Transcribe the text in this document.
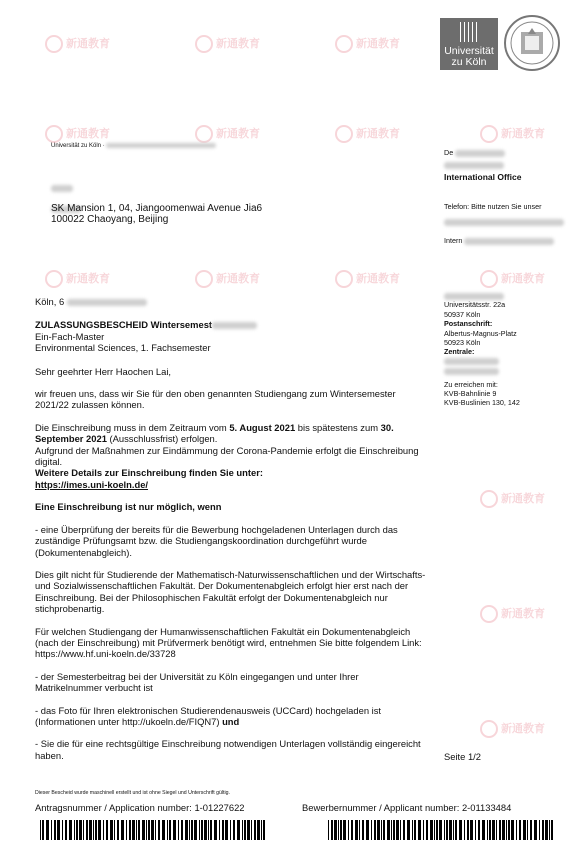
新通教育	新通教育	新通教育
新通教育	新通教育	新通教育	新通教育
新通教育	新通教育	新通教育	新通教育
新通教育
新通教育
新通教育
Universität
zu Köln
Universität zu Köln ·

SK Mansion 1, 04, Jiangoomenwai Avenue Jia6
100022 Chaoyang, Beijing
De
International Office
Telefon: Bitte nutzen Sie unser
Intern
Universitätsstr. 22a
50937 Köln
Postanschrift:
Albertus-Magnus-Platz
50923 Köln
Zentrale:
Zu erreichen mit:
KVB-Bahnlinie 9
KVB-Buslinien 130, 142
Seite 1/2

Köln, 6

ZULASSUNGSBESCHEID Wintersemest

Ein-Fach-Master

Environmental Sciences, 1. Fachsemester

Sehr geehrter Herr Haochen Lai,

wir freuen uns, dass wir Sie für den oben genannten Studiengang zum Wintersemester 2021/22 zulassen können.

Die Einschreibung muss in dem Zeitraum vom 5. August 2021 bis spätestens zum 30. September 2021 (Ausschlussfrist) erfolgen.

Aufgrund der Maßnahmen zur Eindämmung der Corona-Pandemie erfolgt die Einschreibung digital.

Weitere Details zur Einschreibung finden Sie unter:

https://imes.uni-koeln.de/

Eine Einschreibung ist nur möglich, wenn

- eine Überprüfung der bereits für die Bewerbung hochgeladenen Unterlagen durch das zuständige Prüfungsamt bzw. die Studiengangskoordination durchgeführt wurde (Dokumentenabgleich).

Dies gilt nicht für Studierende der Mathematisch-Naturwissenschaftlichen und der Wirtschafts- und Sozialwissenschaftlichen Fakultät. Der Dokumentenabgleich erfolgt hier erst nach der Einschreibung. Bei der Philosophischen Fakultät erfolgt der Dokumentenabgleich nur stichprobenartig.

Für welchen Studiengang der Humanwissenschaftlichen Fakultät ein Dokumentenabgleich (nach der Einschreibung) mit Prüfvermerk benötigt wird, entnehmen Sie bitte folgendem Link: https://www.hf.uni-koeln.de/33728

- der Semesterbeitrag bei der Universität zu Köln eingegangen und unter Ihrer Matrikelnummer verbucht ist

- das Foto für Ihren elektronischen Studierendenausweis (UCCard) hochgeladen ist (Informationen unter http://ukoeln.de/FIQN7) und

- Sie die für eine rechtsgültige Einschreibung notwendigen Unterlagen vollständig eingereicht haben.

Dieser Bescheid wurde maschinell erstellt und ist ohne Siegel und Unterschrift gültig.
Antragsnummer / Application number: 1-01227622	Bewerbernummer / Applicant number: 2-01133484
